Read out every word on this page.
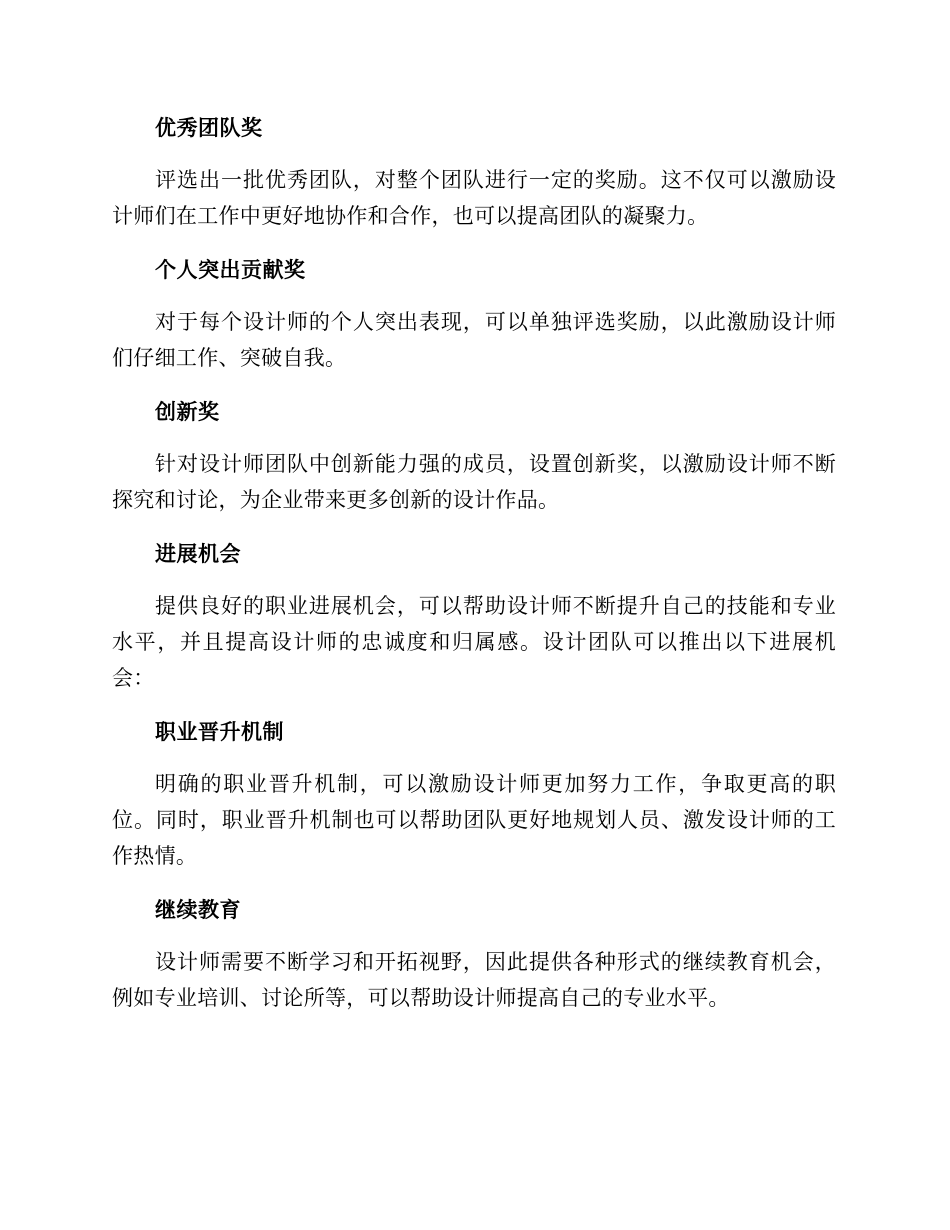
优秀团队奖

评选出一批优秀团队，对整个团队进行一定的奖励。这不仅可以激励设计师们在工作中更好地协作和合作，也可以提高团队的凝聚力。

个人突出贡献奖

对于每个设计师的个人突出表现，可以单独评选奖励，以此激励设计师们仔细工作、突破自我。

创新奖

针对设计师团队中创新能力强的成员，设置创新奖，以激励设计师不断探究和讨论，为企业带来更多创新的设计作品。

进展机会

提供良好的职业进展机会，可以帮助设计师不断提升自己的技能和专业水平，并且提高设计师的忠诚度和归属感。设计团队可以推出以下进展机会：

职业晋升机制

明确的职业晋升机制，可以激励设计师更加努力工作，争取更高的职位。同时，职业晋升机制也可以帮助团队更好地规划人员、激发设计师的工作热情。

继续教育

设计师需要不断学习和开拓视野，因此提供各种形式的继续教育机会，例如专业培训、讨论所等，可以帮助设计师提高自己的专业水平。
